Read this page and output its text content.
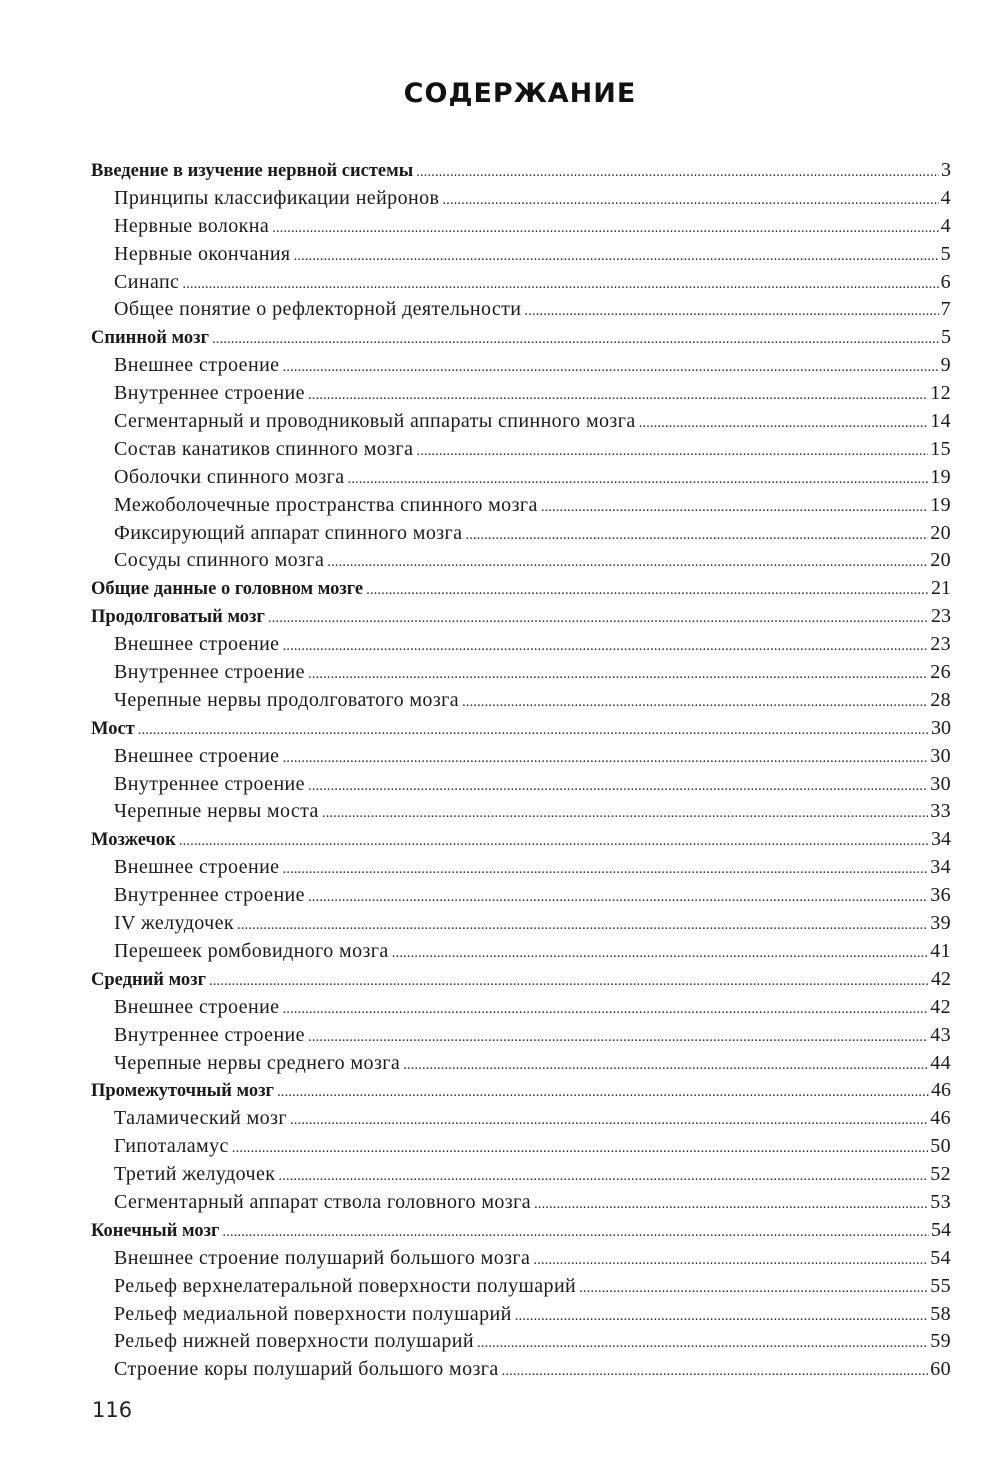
СОДЕРЖАНИЕ
Введение в изучение нервной системы .....	3
Принципы классификации нейронов .....	4
Нервные волокна .....	4
Нервные окончания .....	5
Синапс .....	6
Общее понятие о рефлекторной деятельности .....	7
Спинной мозг .....	5
Внешнее строение .....	9
Внутреннее строение .....	12
Сегментарный и проводниковый аппараты спинного мозга .....	14
Состав канатиков спинного мозга .....	15
Оболочки спинного мозга .....	19
Межоболочечные пространства спинного мозга .....	19
Фиксирующий аппарат спинного мозга .....	20
Сосуды спинного мозга .....	20
Общие данные о головном мозге .....	21
Продолговатый мозг .....	23
Внешнее строение .....	23
Внутреннее строение .....	26
Черепные нервы продолговатого мозга .....	28
Мост .....	30
Внешнее строение .....	30
Внутреннее строение .....	30
Черепные нервы моста .....	33
Мозжечок .....	34
Внешнее строение .....	34
Внутреннее строение .....	36
IV желудочек .....	39
Перешеек ромбовидного мозга .....	41
Средний мозг .....	42
Внешнее строение .....	42
Внутреннее строение .....	43
Черепные нервы среднего мозга .....	44
Промежуточный мозг .....	46
Таламический мозг .....	46
Гипоталамус .....	50
Третий желудочек .....	52
Сегментарный аппарат ствола головного мозга .....	53
Конечный мозг .....	54
Внешнее строение полушарий большого мозга .....	54
Рельеф верхнелатеральной поверхности полушарий .....	55
Рельеф медиальной поверхности полушарий .....	58
Рельеф нижней поверхности полушарий .....	59
Строение коры полушарий большого мозга .....	60
116
